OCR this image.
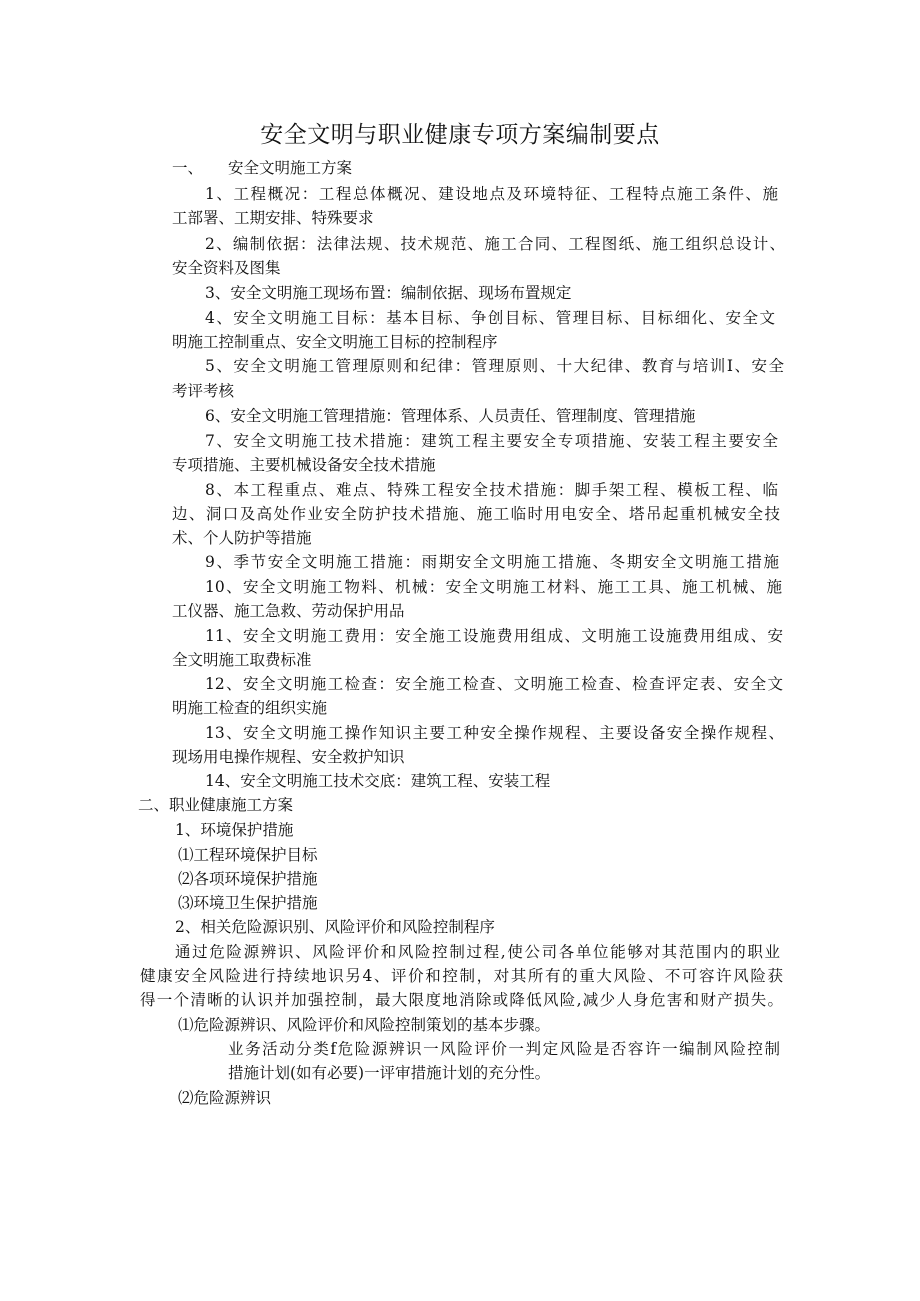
安全文明与职业健康专项方案编制要点
一、 安全文明施工方案
1、工程概况：工程总体概况、建设地点及环境特征、工程特点施工条件、施
工部署、工期安排、特殊要求
2、编制依据：法律法规、技术规范、施工合同、工程图纸、施工组织总设计、
安全资料及图集
3、安全文明施工现场布置：编制依据、现场布置规定
4、安全文明施工目标：基本目标、争创目标、管理目标、目标细化、安全文
明施工控制重点、安全文明施工目标的控制程序
5、安全文明施工管理原则和纪律：管理原则、十大纪律、教育与培训I、安全
考评考核
6、安全文明施工管理措施：管理体系、人员责任、管理制度、管理措施
7、安全文明施工技术措施：建筑工程主要安全专项措施、安装工程主要安全
专项措施、主要机械设备安全技术措施
8、本工程重点、难点、特殊工程安全技术措施：脚手架工程、模板工程、临
边、洞口及高处作业安全防护技术措施、施工临时用电安全、塔吊起重机械安全技
术、个人防护等措施
9、季节安全文明施工措施：雨期安全文明施工措施、冬期安全文明施工措施
10、安全文明施工物料、机械：安全文明施工材料、施工工具、施工机械、施
工仪器、施工急救、劳动保护用品
11、安全文明施工费用：安全施工设施费用组成、文明施工设施费用组成、安
全文明施工取费标准
12、安全文明施工检查：安全施工检查、文明施工检查、检查评定表、安全文
明施工检查的组织实施
13、安全文明施工操作知识主要工种安全操作规程、主要设备安全操作规程、
现场用电操作规程、安全救护知识
14、安全文明施工技术交底：建筑工程、安装工程
二、职业健康施工方案
1、环境保护措施
⑴工程环境保护目标
⑵各项环境保护措施
⑶环境卫生保护措施
2、相关危险源识别、风险评价和风险控制程序
通过危险源辨识、风险评价和风险控制过程,使公司各单位能够对其范围内的职业
健康安全风险进行持续地识另4、评价和控制，对其所有的重大风险、不可容许风险获
得一个清晰的认识并加强控制，最大限度地消除或降低风险,减少人身危害和财产损失。
⑴危险源辨识、风险评价和风险控制策划的基本步骤。
业务活动分类f危险源辨识一风险评价一判定风险是否容许一编制风险控制
措施计划(如有必要)一评审措施计划的充分性。
⑵危险源辨识
